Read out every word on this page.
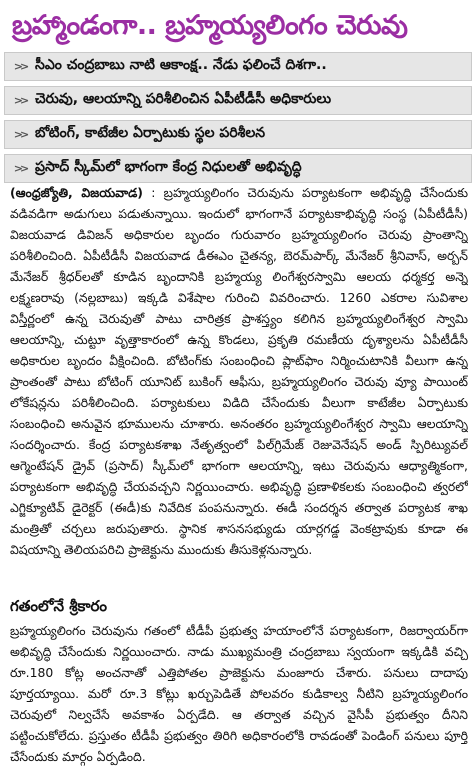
బ్రహ్మాండంగా.. బ్రహ్మయ్యలింగం చెరువు
>> సీఎం చంద్రబాబు నాటి ఆకాంక్ష.. నేడు ఫలించే దిశగా..
>> చెరువు, ఆలయాన్ని పరిశీలించిన ఏపీటీడీసీ అధికారులు
>> బోటింగ్, కాటేజీల ఏర్పాటుకు స్థల పరిశీలన
>> ప్రసాద్ స్కీమ్‌లో భాగంగా కేంద్ర నిధులతో అభివృద్ధి

(ఆంధ్రజ్యోతి, విజయవాడ) : బ్రహ్మయ్యలింగం చెరువును పర్యాటకంగా అభివృద్ధి చేసేందుకు వడివడిగా అడుగులు పడుతున్నాయి. ఇందులో భాగంగానే పర్యాటకాభివృద్ధి సంస్థ (ఏపీటీడీసీ) విజయవాడ డివిజన్ అధికారుల బృందం గురువారం బ్రహ్మయ్యలింగం చెరువు ప్రాంతాన్ని పరిశీలించింది. ఏపీటీడీసీ విజయవాడ డీఈఎం చైతన్య, బెరమ్‌పార్క్ మేనేజర్ శ్రీనివాస్, అర్బన్ మేనేజర్ శ్రీధర్‌లతో కూడిన బృందానికి బ్రహ్మయ్య లింగేశ్వరస్వామి ఆలయ ధర్మకర్త అన్నె లక్ష్మణరావు (నల్లబాబు) ఇక్కడి విశేషాల గురించి వివరించారు. 1260 ఎకరాల సువిశాల విస్తీర్ణంలో ఉన్న చెరువుతో పాటు చారిత్రక ప్రాశస్త్యం కలిగిన బ్రహ్మయ్యలింగేశ్వర స్వామి ఆలయాన్ని, చుట్టూ వృత్తాకారంలో ఉన్న కొండలు, ప్రకృతి రమణీయ దృశ్యాలను ఏపీటీడీసీ అధికారుల బృందం వీక్షించింది. బోటింగ్‌కు సంబంధించి ప్లాట్‌ఫాం నిర్మించుటానికి వీలుగా ఉన్న ప్రాంతంతో పాటు బోటింగ్ యూనిట్ బుకింగ్ ఆఫీసు, బ్రహ్మయ్యలింగం చెరువు వ్యూ పాయింట్ లోకేషన్లను పరిశీలించింది. పర్యాటకులు విడిది చేసేందుకు వీలుగా కాటేజీల ఏర్పాటుకు సంబంధించి అనువైన భూములను చూశారు. అనంతరం బ్రహ్మయ్యలింగేశ్వర స్వామి ఆలయాన్ని సందర్శించారు. కేంద్ర పర్యాటకశాఖ నేతృత్వంలో పిల్‌గ్రిమేజ్ రెజువెనేషన్ అండ్ స్పిరిట్యువల్ ఆగ్మెంటేషన్ డ్రైవ్ (ప్రసాద్) స్కీమ్‌లో భాగంగా ఆలయాన్ని, ఇటు చెరువును ఆధ్యాత్మికంగా, పర్యాటకంగా అభివృద్ధి చేయవచ్చని నిర్ణయించారు. అభివృద్ధి ప్రణాళికలకు సంబంధించి త్వరలో ఎగ్జిక్యూటివ్ డైరెక్టర్ (ఈడీ)కు నివేదిక పంపనున్నారు. ఈడీ సందర్శన తర్వాత పర్యాటక శాఖ మంత్రితో చర్చలు జరుపుతారు. స్థానిక శాసనసభ్యుడు యార్లగడ్డ వెంకట్రావుకు కూడా ఈ విషయాన్ని తెలియపరిచి ప్రాజెక్టును ముందుకు తీసుకెళ్లనున్నారు.

గతంలోనే శ్రీకారం

బ్రహ్మయ్యలింగం చెరువును గతంలో టీడీపీ ప్రభుత్వ హయాంలోనే పర్యాటకంగా, రిజర్వాయర్‌గా అభివృద్ధి చేసేందుకు నిర్ణయించారు. నాడు ముఖ్యమంత్రి చంద్రబాబు స్వయంగా ఇక్కడికి వచ్చి రూ.180 కోట్ల అంచనాతో ఎత్తిపోతల ప్రాజెక్టును మంజూరు చేశారు. పనులు దాదాపు పూర్తయ్యాయి. మరో రూ.3 కోట్లు ఖర్చుపెడితే పోలవరం కుడికాల్వ నీటిని బ్రహ్మయ్యలింగం చెరువులో నిల్వచేసే అవకాశం ఏర్పడేది. ఆ తర్వాత వచ్చిన వైసీపీ ప్రభుత్వం దీనిని పట్టించుకోలేదు. ప్రస్తుతం టీడీపీ ప్రభుత్వం తిరిగి అధికారంలోకి రావడంతో పెండింగ్ పనులు పూర్తి చేసేందుకు మార్గం ఏర్పడింది.
